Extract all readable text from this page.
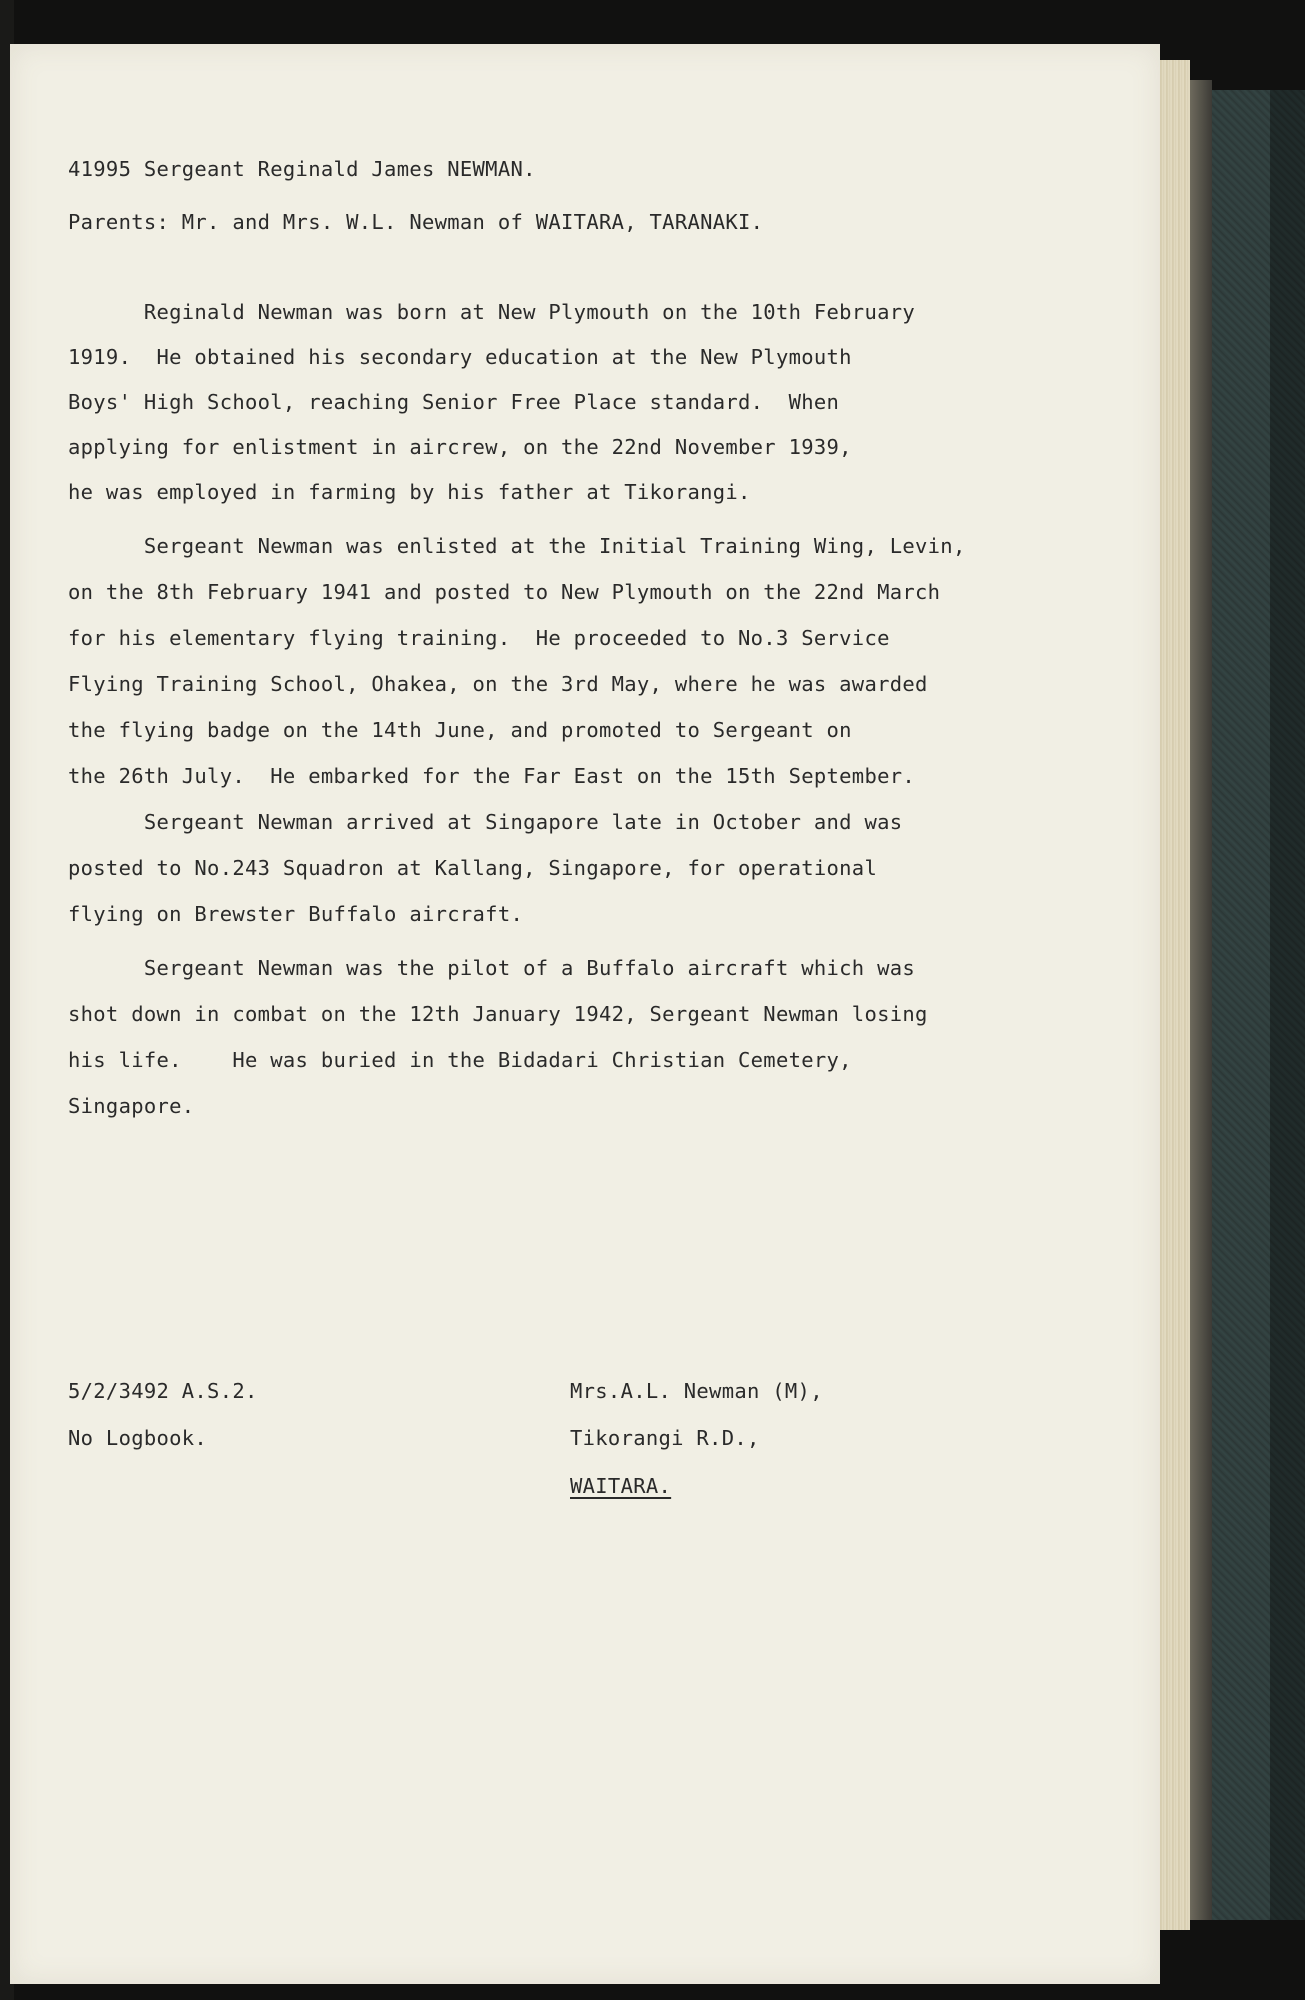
41995 Sergeant Reginald James NEWMAN.
Parents: Mr. and Mrs. W.L. Newman of WAITARA, TARANAKI.
Reginald Newman was born at New Plymouth on the 10th February
1919.  He obtained his secondary education at the New Plymouth
Boys' High School, reaching Senior Free Place standard.  When
applying for enlistment in aircrew, on the 22nd November 1939,
he was employed in farming by his father at Tikorangi.
Sergeant Newman was enlisted at the Initial Training Wing, Levin,
on the 8th February 1941 and posted to New Plymouth on the 22nd March
for his elementary flying training.  He proceeded to No.3 Service
Flying Training School, Ohakea, on the 3rd May, where he was awarded
the flying badge on the 14th June, and promoted to Sergeant on
the 26th July.  He embarked for the Far East on the 15th September.
Sergeant Newman arrived at Singapore late in October and was
posted to No.243 Squadron at Kallang, Singapore, for operational
flying on Brewster Buffalo aircraft.
Sergeant Newman was the pilot of a Buffalo aircraft which was
shot down in combat on the 12th January 1942, Sergeant Newman losing
his life.    He was buried in the Bidadari Christian Cemetery,
Singapore.
5/2/3492 A.S.2.
No Logbook.
Mrs.A.L. Newman (M),
Tikorangi R.D.,
WAITARA.
